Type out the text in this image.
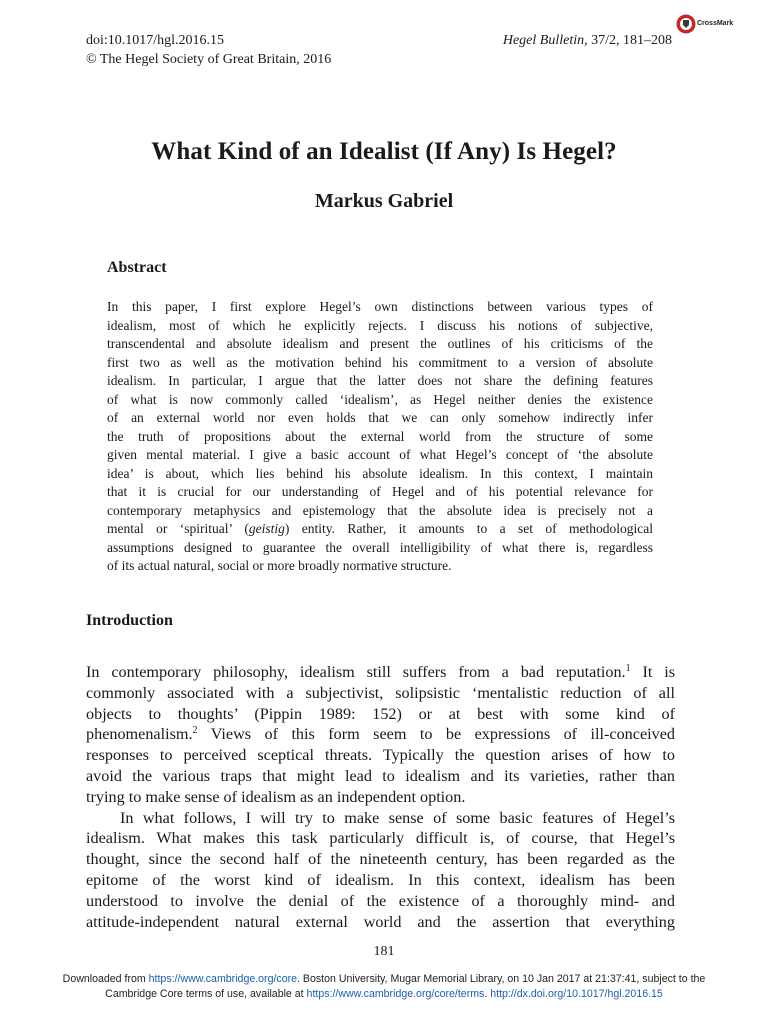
doi:10.1017/hgl.2016.15
© The Hegel Society of Great Britain, 2016
Hegel Bulletin, 37/2, 181–208
CrossMark
What Kind of an Idealist (If Any) Is Hegel?
Markus Gabriel
Abstract
In this paper, I first explore Hegel’s own distinctions between various types of
idealism, most of which he explicitly rejects. I discuss his notions of subjective,
transcendental and absolute idealism and present the outlines of his criticisms of the
first two as well as the motivation behind his commitment to a version of absolute
idealism. In particular, I argue that the latter does not share the defining features
of what is now commonly called ‘idealism’, as Hegel neither denies the existence
of an external world nor even holds that we can only somehow indirectly infer
the truth of propositions about the external world from the structure of some
given mental material. I give a basic account of what Hegel’s concept of ‘the absolute
idea’ is about, which lies behind his absolute idealism. In this context, I maintain
that it is crucial for our understanding of Hegel and of his potential relevance for
contemporary metaphysics and epistemology that the absolute idea is precisely not a
mental or ‘spiritual’ (geistig) entity. Rather, it amounts to a set of methodological
assumptions designed to guarantee the overall intelligibility of what there is, regardless
of its actual natural, social or more broadly normative structure.
Introduction
In contemporary philosophy, idealism still suffers from a bad reputation.$^1$ It is
commonly associated with a subjectivist, solipsistic ‘mentalistic reduction of all
objects to thoughts’ (Pippin 1989: 152) or at best with some kind of
phenomenalism.$^2$ Views of this form seem to be expressions of ill-conceived
responses to perceived sceptical threats. Typically the question arises of how to
avoid the various traps that might lead to idealism and its varieties, rather than
trying to make sense of idealism as an independent option.
In what follows, I will try to make sense of some basic features of Hegel’s
idealism. What makes this task particularly difficult is, of course, that Hegel’s
thought, since the second half of the nineteenth century, has been regarded as the
epitome of the worst kind of idealism. In this context, idealism has been
understood to involve the denial of the existence of a thoroughly mind- and
attitude-independent natural external world and the assertion that everything
181
Downloaded from https://www.cambridge.org/core. Boston University, Mugar Memorial Library, on 10 Jan 2017 at 21:37:41, subject to the
Cambridge Core terms of use, available at https://www.cambridge.org/core/terms. http://dx.doi.org/10.1017/hgl.2016.15
